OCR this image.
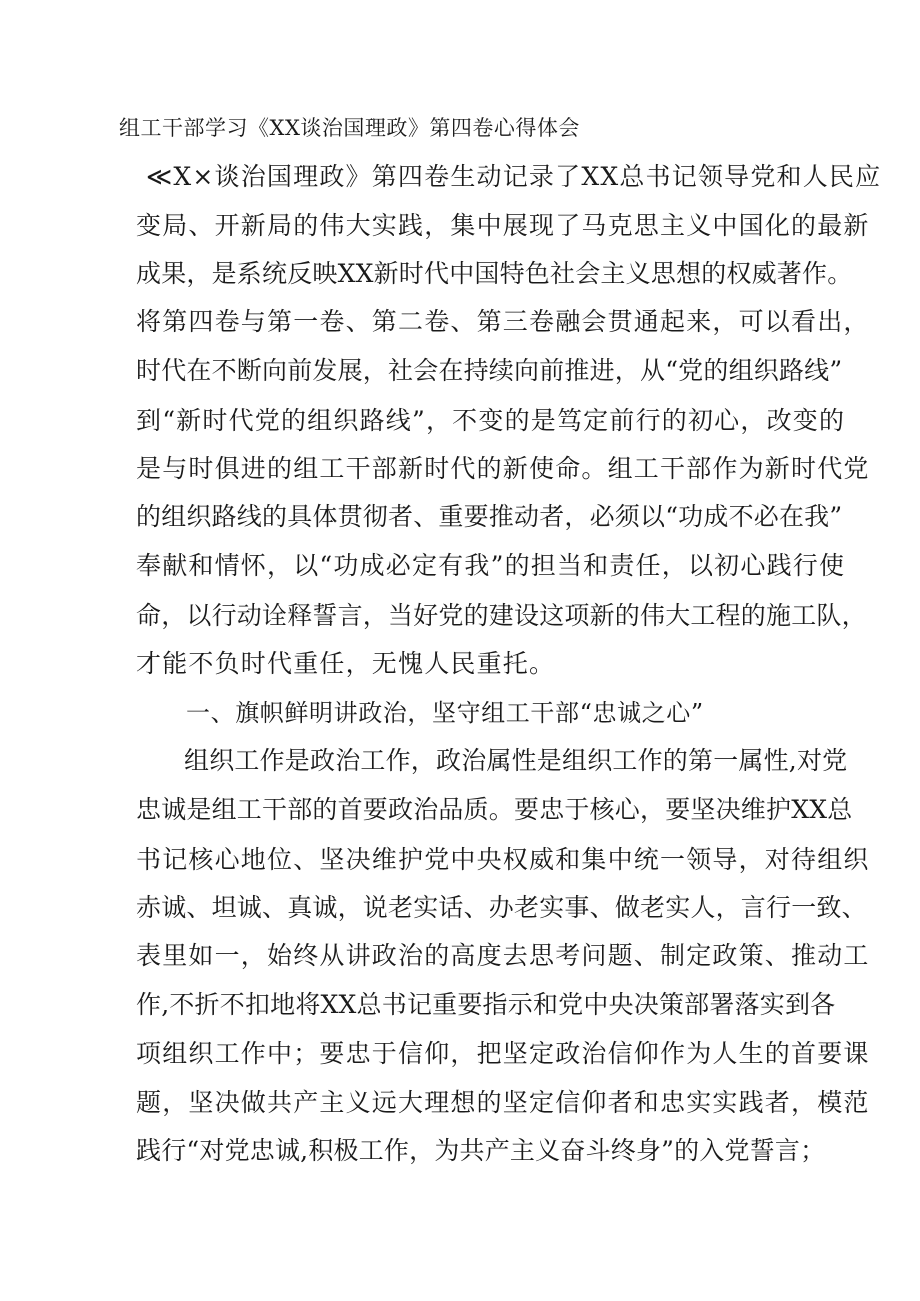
组工干部学习《XX谈治国理政》第四卷心得体会
≪X×谈治国理政》第四卷生动记录了XX总书记领导党和人民应
变局、开新局的伟大实践，集中展现了马克思主义中国化的最新
成果，是系统反映XX新时代中国特色社会主义思想的权威著作。
将第四卷与第一卷、第二卷、第三卷融会贯通起来，可以看出，
时代在不断向前发展，社会在持续向前推进，从“党的组织路线”
到“新时代党的组织路线”，不变的是笃定前行的初心，改变的
是与时俱进的组工干部新时代的新使命。组工干部作为新时代党
的组织路线的具体贯彻者、重要推动者，必须以“功成不必在我”
奉献和情怀，以“功成必定有我”的担当和责任，以初心践行使
命，以行动诠释誓言，当好党的建设这项新的伟大工程的施工队，
才能不负时代重任，无愧人民重托。
一、旗帜鲜明讲政治，坚守组工干部“忠诚之心”
组织工作是政治工作，政治属性是组织工作的第一属性,对党
忠诚是组工干部的首要政治品质。要忠于核心，要坚决维护XX总
书记核心地位、坚决维护党中央权威和集中统一领导，对待组织
赤诚、坦诚、真诚，说老实话、办老实事、做老实人，言行一致、
表里如一，始终从讲政治的高度去思考问题、制定政策、推动工
作,不折不扣地将XX总书记重要指示和党中央决策部署落实到各
项组织工作中；要忠于信仰，把坚定政治信仰作为人生的首要课
题，坚决做共产主义远大理想的坚定信仰者和忠实实践者，模范
践行“对党忠诚,积极工作，为共产主义奋斗终身”的入党誓言；
